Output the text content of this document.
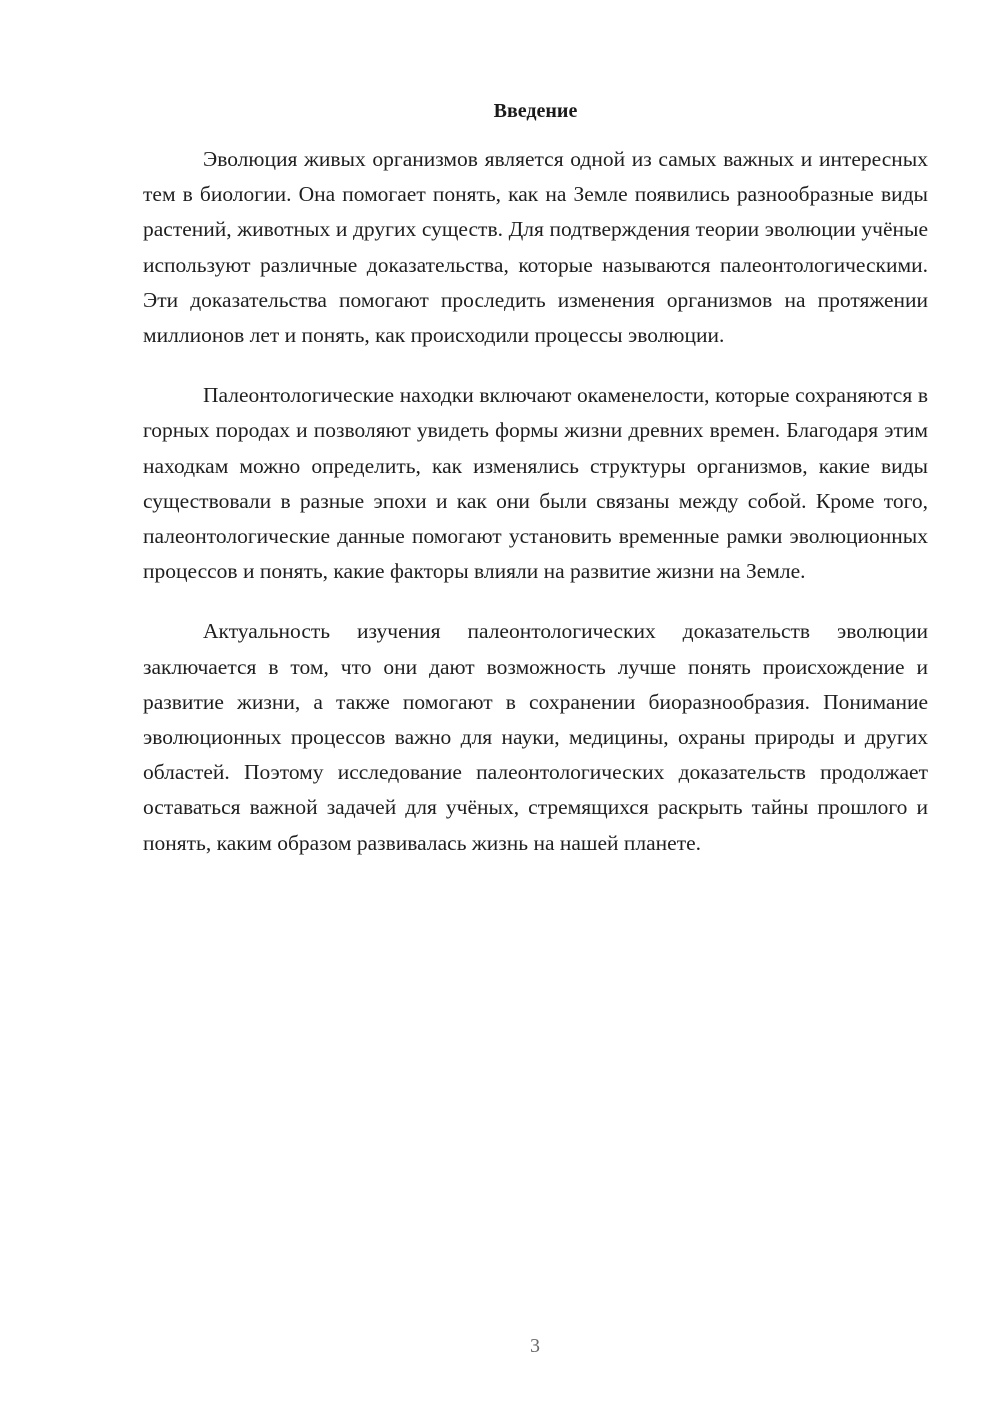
Введение

Эволюция живых организмов является одной из самых важных и интересных тем в биологии. Она помогает понять, как на Земле появились разнообразные виды растений, животных и других существ. Для подтверждения теории эволюции учёные используют различные доказательства, которые называются палеонтологическими. Эти доказательства помогают проследить изменения организмов на протяжении миллионов лет и понять, как происходили процессы эволюции.

Палеонтологические находки включают окаменелости, которые сохраняются в горных породах и позволяют увидеть формы жизни древних времен. Благодаря этим находкам можно определить, как изменялись структуры организмов, какие виды существовали в разные эпохи и как они были связаны между собой. Кроме того, палеонтологические данные помогают установить временные рамки эволюционных процессов и понять, какие факторы влияли на развитие жизни на Земле.

Актуальность изучения палеонтологических доказательств эволюции заключается в том, что они дают возможность лучше понять происхождение и развитие жизни, а также помогают в сохранении биоразнообразия. Понимание эволюционных процессов важно для науки, медицины, охраны природы и других областей. Поэтому исследование палеонтологических доказательств продолжает оставаться важной задачей для учёных, стремящихся раскрыть тайны прошлого и понять, каким образом развивалась жизнь на нашей планете.

3
